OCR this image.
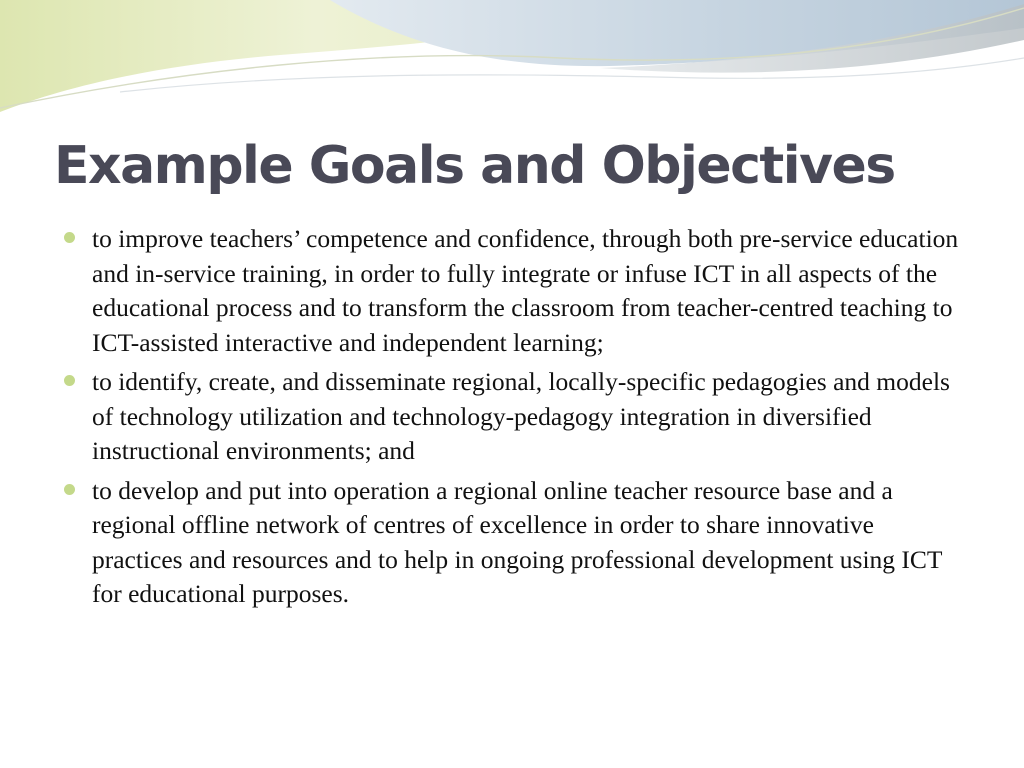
Example Goals and Objectives
to improve teachers’ competence and confidence, through both pre-service education and in-service training, in order to fully integrate or infuse ICT in all aspects of the educational process and to transform the classroom from teacher-centred teaching to ICT-assisted interactive and independent learning;
to identify, create, and disseminate regional, locally-specific pedagogies and models of technology utilization and technology-pedagogy integration in diversified instructional environments; and
to develop and put into operation a regional online teacher resource base and a regional offline network of centres of excellence in order to share innovative practices and resources and to help in ongoing professional development using ICT for educational purposes.
